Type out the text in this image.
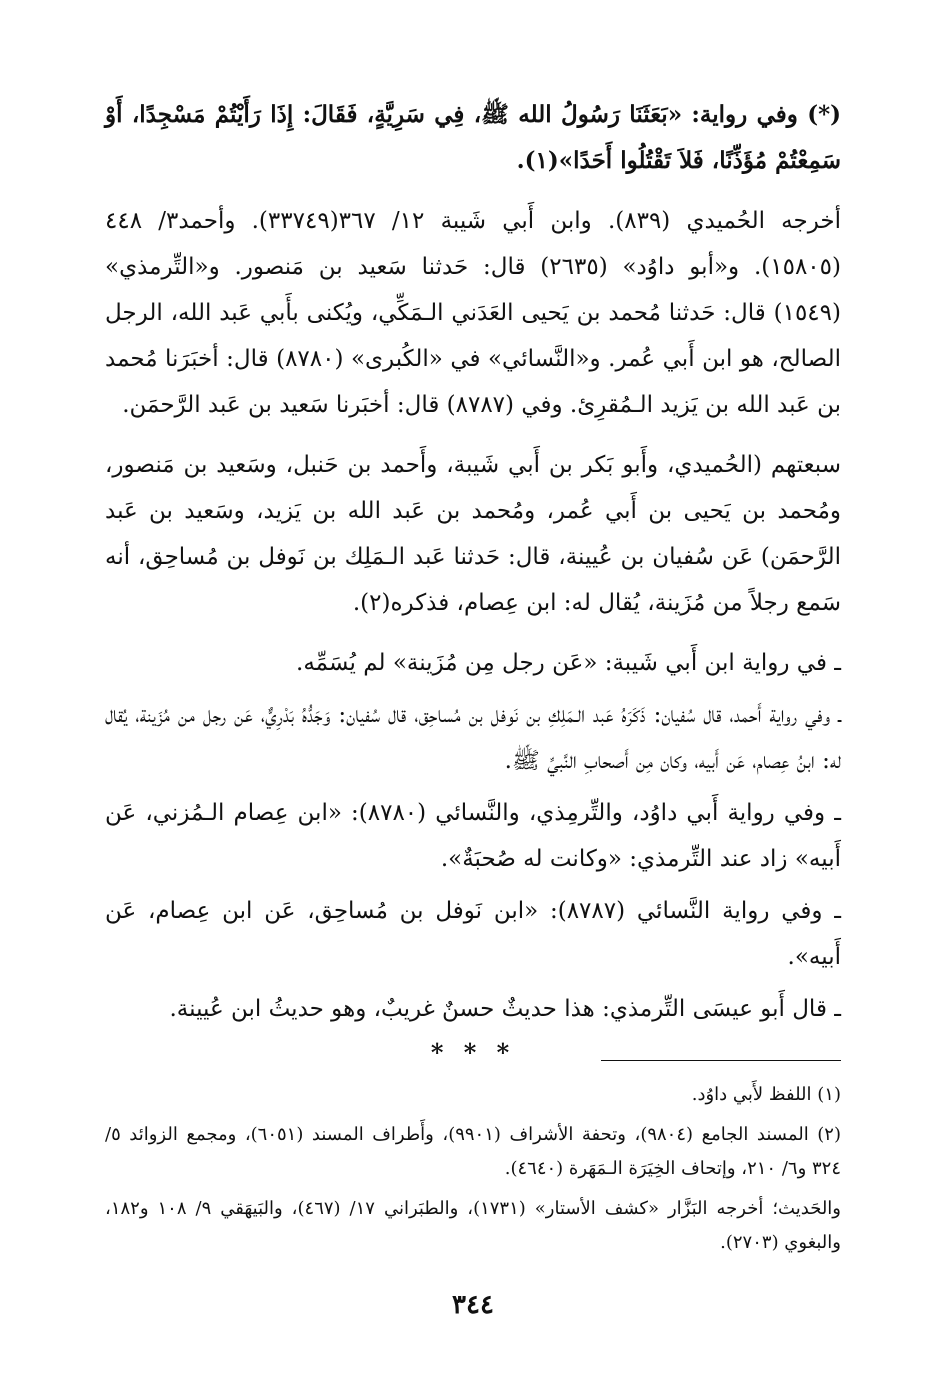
(*) وفي رواية: «بَعَثَنَا رَسُولُ الله ﷺ، فِي سَرِيَّةٍ، فَقَالَ: إِذَا رَأَيْتُمْ مَسْجِدًا، أَوْ سَمِعْتُمْ مُؤَذِّنًا، فَلاَ تَقْتُلُوا أَحَدًا»(١).

أخرجه الحُميدي (٨٣٩). وابن أَبي شَيبة ١٢/ ٣٦٧(٣٣٧٤٩). وأحمد٣/ ٤٤٨ (١٥٨٠٥). و«أبو داوُد» (٢٦٣٥) قال: حَدثنا سَعيد بن مَنصور. و«التِّرمذي» (١٥٤٩) قال: حَدثنا مُحمد بن يَحيى العَدَني الـمَكِّي، ويُكنى بأَبي عَبد الله، الرجل الصالح، هو ابن أَبي عُمر. و«النَّسائي» في «الكُبرى» (٨٧٨٠) قال: أخبَرَنا مُحمد بن عَبد الله بن يَزيد الـمُقرِئ. وفي (٨٧٨٧) قال: أخبَرنا سَعيد بن عَبد الرَّحمَن.

سبعتهم (الحُميدي، وأَبو بَكر بن أَبي شَيبة، وأَحمد بن حَنبل، وسَعيد بن مَنصور، ومُحمد بن يَحيى بن أَبي عُمر، ومُحمد بن عَبد الله بن يَزيد، وسَعيد بن عَبد الرَّحمَن) عَن سُفيان بن عُيينة، قال: حَدثنا عَبد الـمَلِك بن نَوفل بن مُساحِق، أنه سَمع رجلاً من مُزَينة، يُقال له: ابن عِصام، فذكره(٢).

ـ في رواية ابن أَبي شَيبة: «عَن رجل مِن مُزَينة» لم يُسَمِّه.

ـ وفي رواية أَحمد، قال سُفيان: ذَكَرَهُ عَبد الـمَلِكِ بن نَوفل بن مُساحِق، قال سُفيان: وَجَدُّهُ بَدْرِيٌّ، عَن رجل من مُزَينة، يُقال له: ابنُ عِصام، عَن أَبيه، وكان مِن أَصحابِ النَّبيِّ ﷺ.

ـ وفي رواية أَبي داوُد، والتِّرمِذي، والنَّسائي (٨٧٨٠): «ابن عِصام الـمُزني، عَن أَبيه» زاد عند التِّرمذي: «وكانت له صُحبَةٌ».

ـ وفي رواية النَّسائي (٨٧٨٧): «ابن نَوفل بن مُساحِق، عَن ابن عِصام، عَن أَبيه».

ـ قال أَبو عيسَى التِّرمذي: هذا حديثٌ حسنٌ غريبٌ، وهو حديثُ ابن عُيينة.

* * *

(١) اللفظ لأَبي داوُد.

(٢) المسند الجامع (٩٨٠٤)، وتحفة الأشراف (٩٩٠١)، وأَطراف المسند (٦٠٥١)، ومجمع الزوائد ٥/ ٣٢٤ و٦/ ٢١٠، وإتحاف الخِيَرَة الـمَهَرة (٤٦٤٠).

والحَديث؛ أخرجه البَزَّار «كشف الأستار» (١٧٣١)، والطبَراني ١٧/ (٤٦٧)، والبَيهَقي ٩/ ١٠٨ و١٨٢، والبغوي (٢٧٠٣).

٣٤٤
